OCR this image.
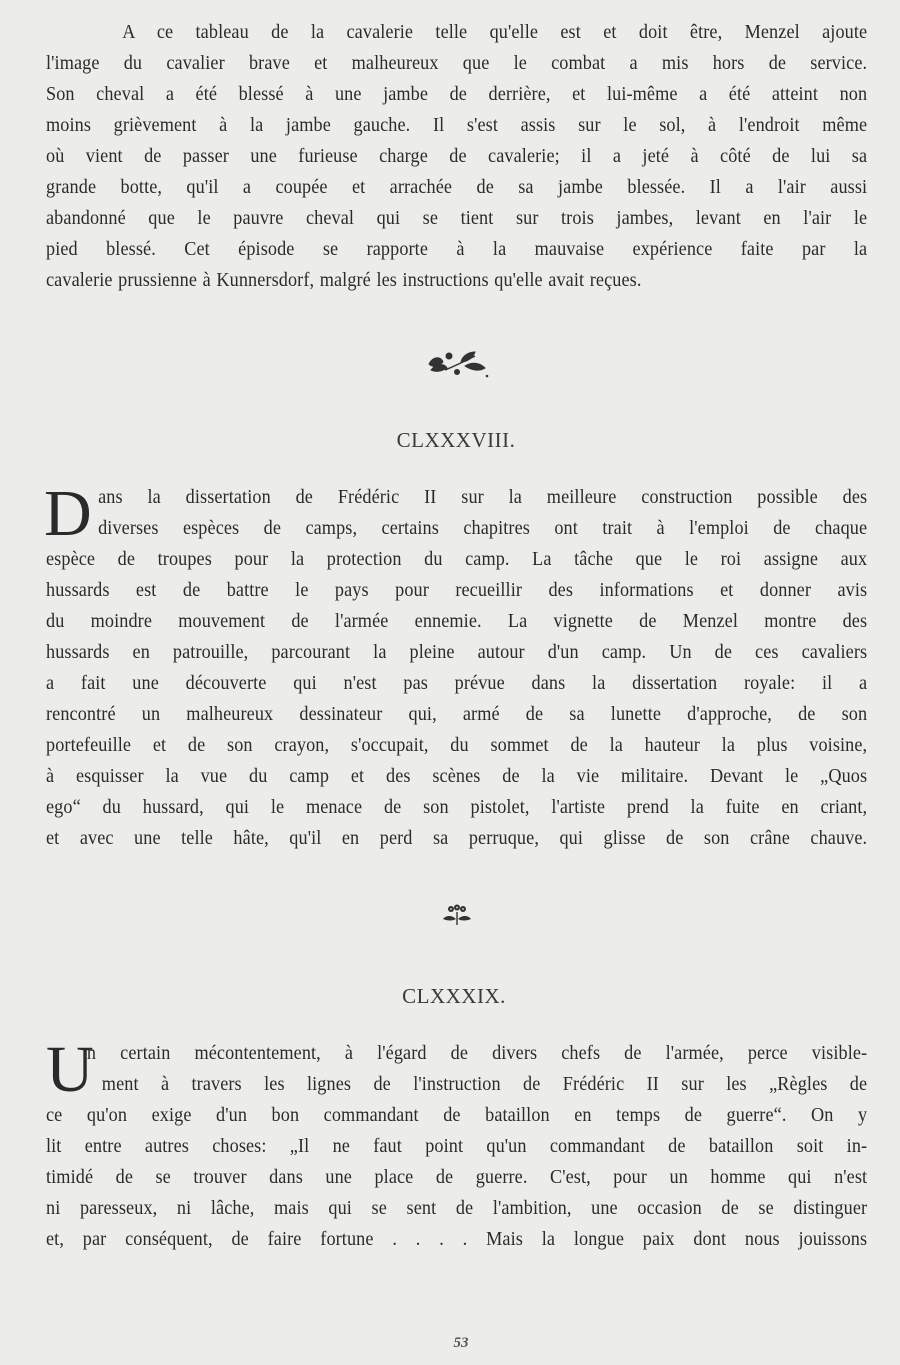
A ce tableau de la cavalerie telle qu'elle est et doit être, Menzel ajoute
l'image du cavalier brave et malheureux que le combat a mis hors de service.
Son cheval a été blessé à une jambe de derrière, et lui-même a été atteint non
moins grièvement à la jambe gauche. Il s'est assis sur le sol, à l'endroit même
où vient de passer une furieuse charge de cavalerie; il a jeté à côté de lui sa
grande botte, qu'il a coupée et arrachée de sa jambe blessée. Il a l'air aussi
abandonné que le pauvre cheval qui se tient sur trois jambes, levant en l'air le
pied blessé. Cet épisode se rapporte à la mauvaise expérience faite par la
cavalerie prussienne à Kunnersdorf, malgré les instructions qu'elle avait reçues.
CLXXXVIII.
D ans la dissertation de Frédéric II sur la meilleure construction possible des
diverses espèces de camps, certains chapitres ont trait à l'emploi de chaque
espèce de troupes pour la protection du camp. La tâche que le roi assigne aux
hussards est de battre le pays pour recueillir des informations et donner avis
du moindre mouvement de l'armée ennemie. La vignette de Menzel montre des
hussards en patrouille, parcourant la pleine autour d'un camp. Un de ces cavaliers
a fait une découverte qui n'est pas prévue dans la dissertation royale: il a
rencontré un malheureux dessinateur qui, armé de sa lunette d'approche, de son
portefeuille et de son crayon, s'occupait, du sommet de la hauteur la plus voisine,
à esquisser la vue du camp et des scènes de la vie militaire. Devant le „Quos
ego“ du hussard, qui le menace de son pistolet, l'artiste prend la fuite en criant,
et avec une telle hâte, qu'il en perd sa perruque, qui glisse de son crâne chauve.
CLXXXIX.
U
n certain mécontentement, à l'égard de divers chefs de l'armée, perce visible-
ment à travers les lignes de l'instruction de Frédéric II sur les „Règles de
ce qu'on exige d'un bon commandant de bataillon en temps de guerre“. On y
lit entre autres choses: „Il ne faut point qu'un commandant de bataillon soit in-
timidé de se trouver dans une place de guerre. C'est, pour un homme qui n'est
ni paresseux, ni lâche, mais qui se sent de l'ambition, une occasion de se distinguer
et, par conséquent, de faire fortune . . . . Mais la longue paix dont nous jouissons
53
